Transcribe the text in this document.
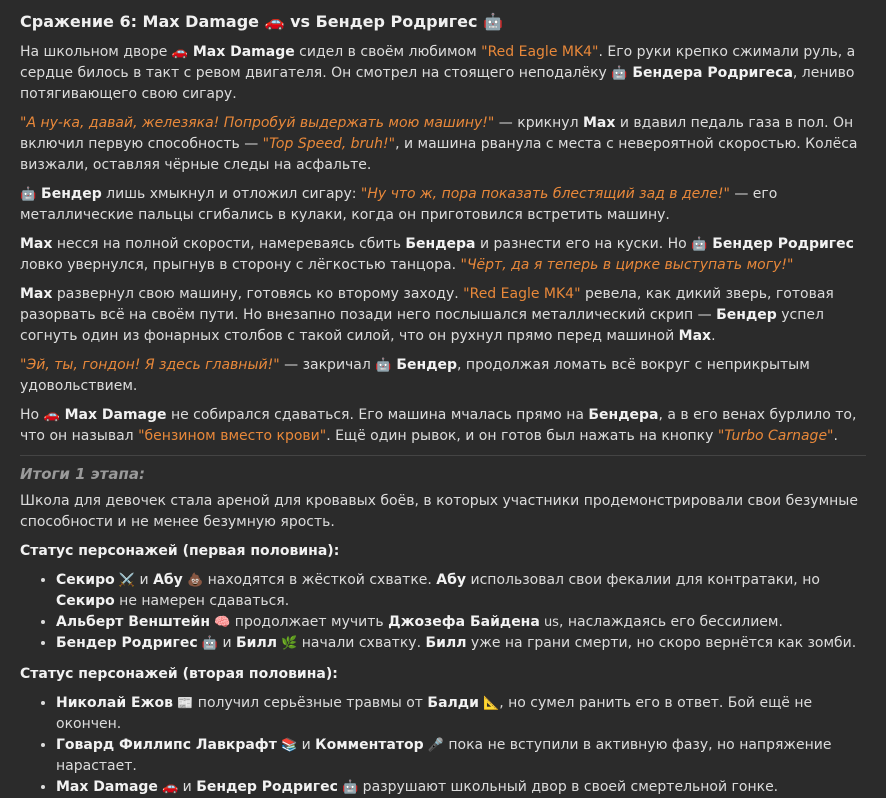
Сражение 6: Max Damage 🚗 vs Бендер Родригес 🤖

На школьном дворе 🚗 Max Damage сидел в своём любимом "Red Eagle MK4". Его руки крепко сжимали руль, а сердце билось в такт с ревом двигателя. Он смотрел на стоящего неподалёку 🤖 Бендера Родригеса, лениво потягивающего свою сигару.

"А ну-ка, давай, железяка! Попробуй выдержать мою машину!" — крикнул Max и вдавил педаль газа в пол. Он включил первую способность — "Top Speed, bruh!", и машина рванула с места с невероятной скоростью. Колёса визжали, оставляя чёрные следы на асфальте.

🤖 Бендер лишь хмыкнул и отложил сигару: "Ну что ж, пора показать блестящий зад в деле!" — его металлические пальцы сгибались в кулаки, когда он приготовился встретить машину.

Max несся на полной скорости, намереваясь сбить Бендера и разнести его на куски. Но 🤖 Бендер Родригес ловко увернулся, прыгнув в сторону с лёгкостью танцора. "Чёрт, да я теперь в цирке выступать могу!"

Max развернул свою машину, готовясь ко второму заходу. "Red Eagle MK4" ревела, как дикий зверь, готовая разорвать всё на своём пути. Но внезапно позади него послышался металлический скрип — Бендер успел согнуть один из фонарных столбов с такой силой, что он рухнул прямо перед машиной Max.

"Эй, ты, гондон! Я здесь главный!" — закричал 🤖 Бендер, продолжая ломать всё вокруг с неприкрытым удовольствием.

Но 🚗 Max Damage не собирался сдаваться. Его машина мчалась прямо на Бендера, а в его венах бурлило то, что он называл "бензином вместо крови". Ещё один рывок, и он готов был нажать на кнопку "Turbo Carnage".

Итоги 1 этапа:

Школа для девочек стала ареной для кровавых боёв, в которых участники продемонстрировали свои безумные способности и не менее безумную ярость.

Статус персонажей (первая половина):
• Секиро ⚔️ и Абу 💩 находятся в жёсткой схватке. Абу использовал свои фекалии для контратаки, но Секиро не намерен сдаваться.
• Альберт Венштейн 🧠 продолжает мучить Джозефа Байдена us, наслаждаясь его бессилием.
• Бендер Родригес 🤖 и Билл 🌿 начали схватку. Билл уже на грани смерти, но скоро вернётся как зомби.
Статус персонажей (вторая половина):
• Николай Ежов 📰 получил серьёзные травмы от Балди 📐, но сумел ранить его в ответ. Бой ещё не окончен.
• Говард Филлипс Лавкрафт 📚 и Комментатор 🎤 пока не вступили в активную фазу, но напряжение нарастает.
• Max Damage 🚗 и Бендер Родригес 🤖 разрушают школьный двор в своей смертельной гонке.
